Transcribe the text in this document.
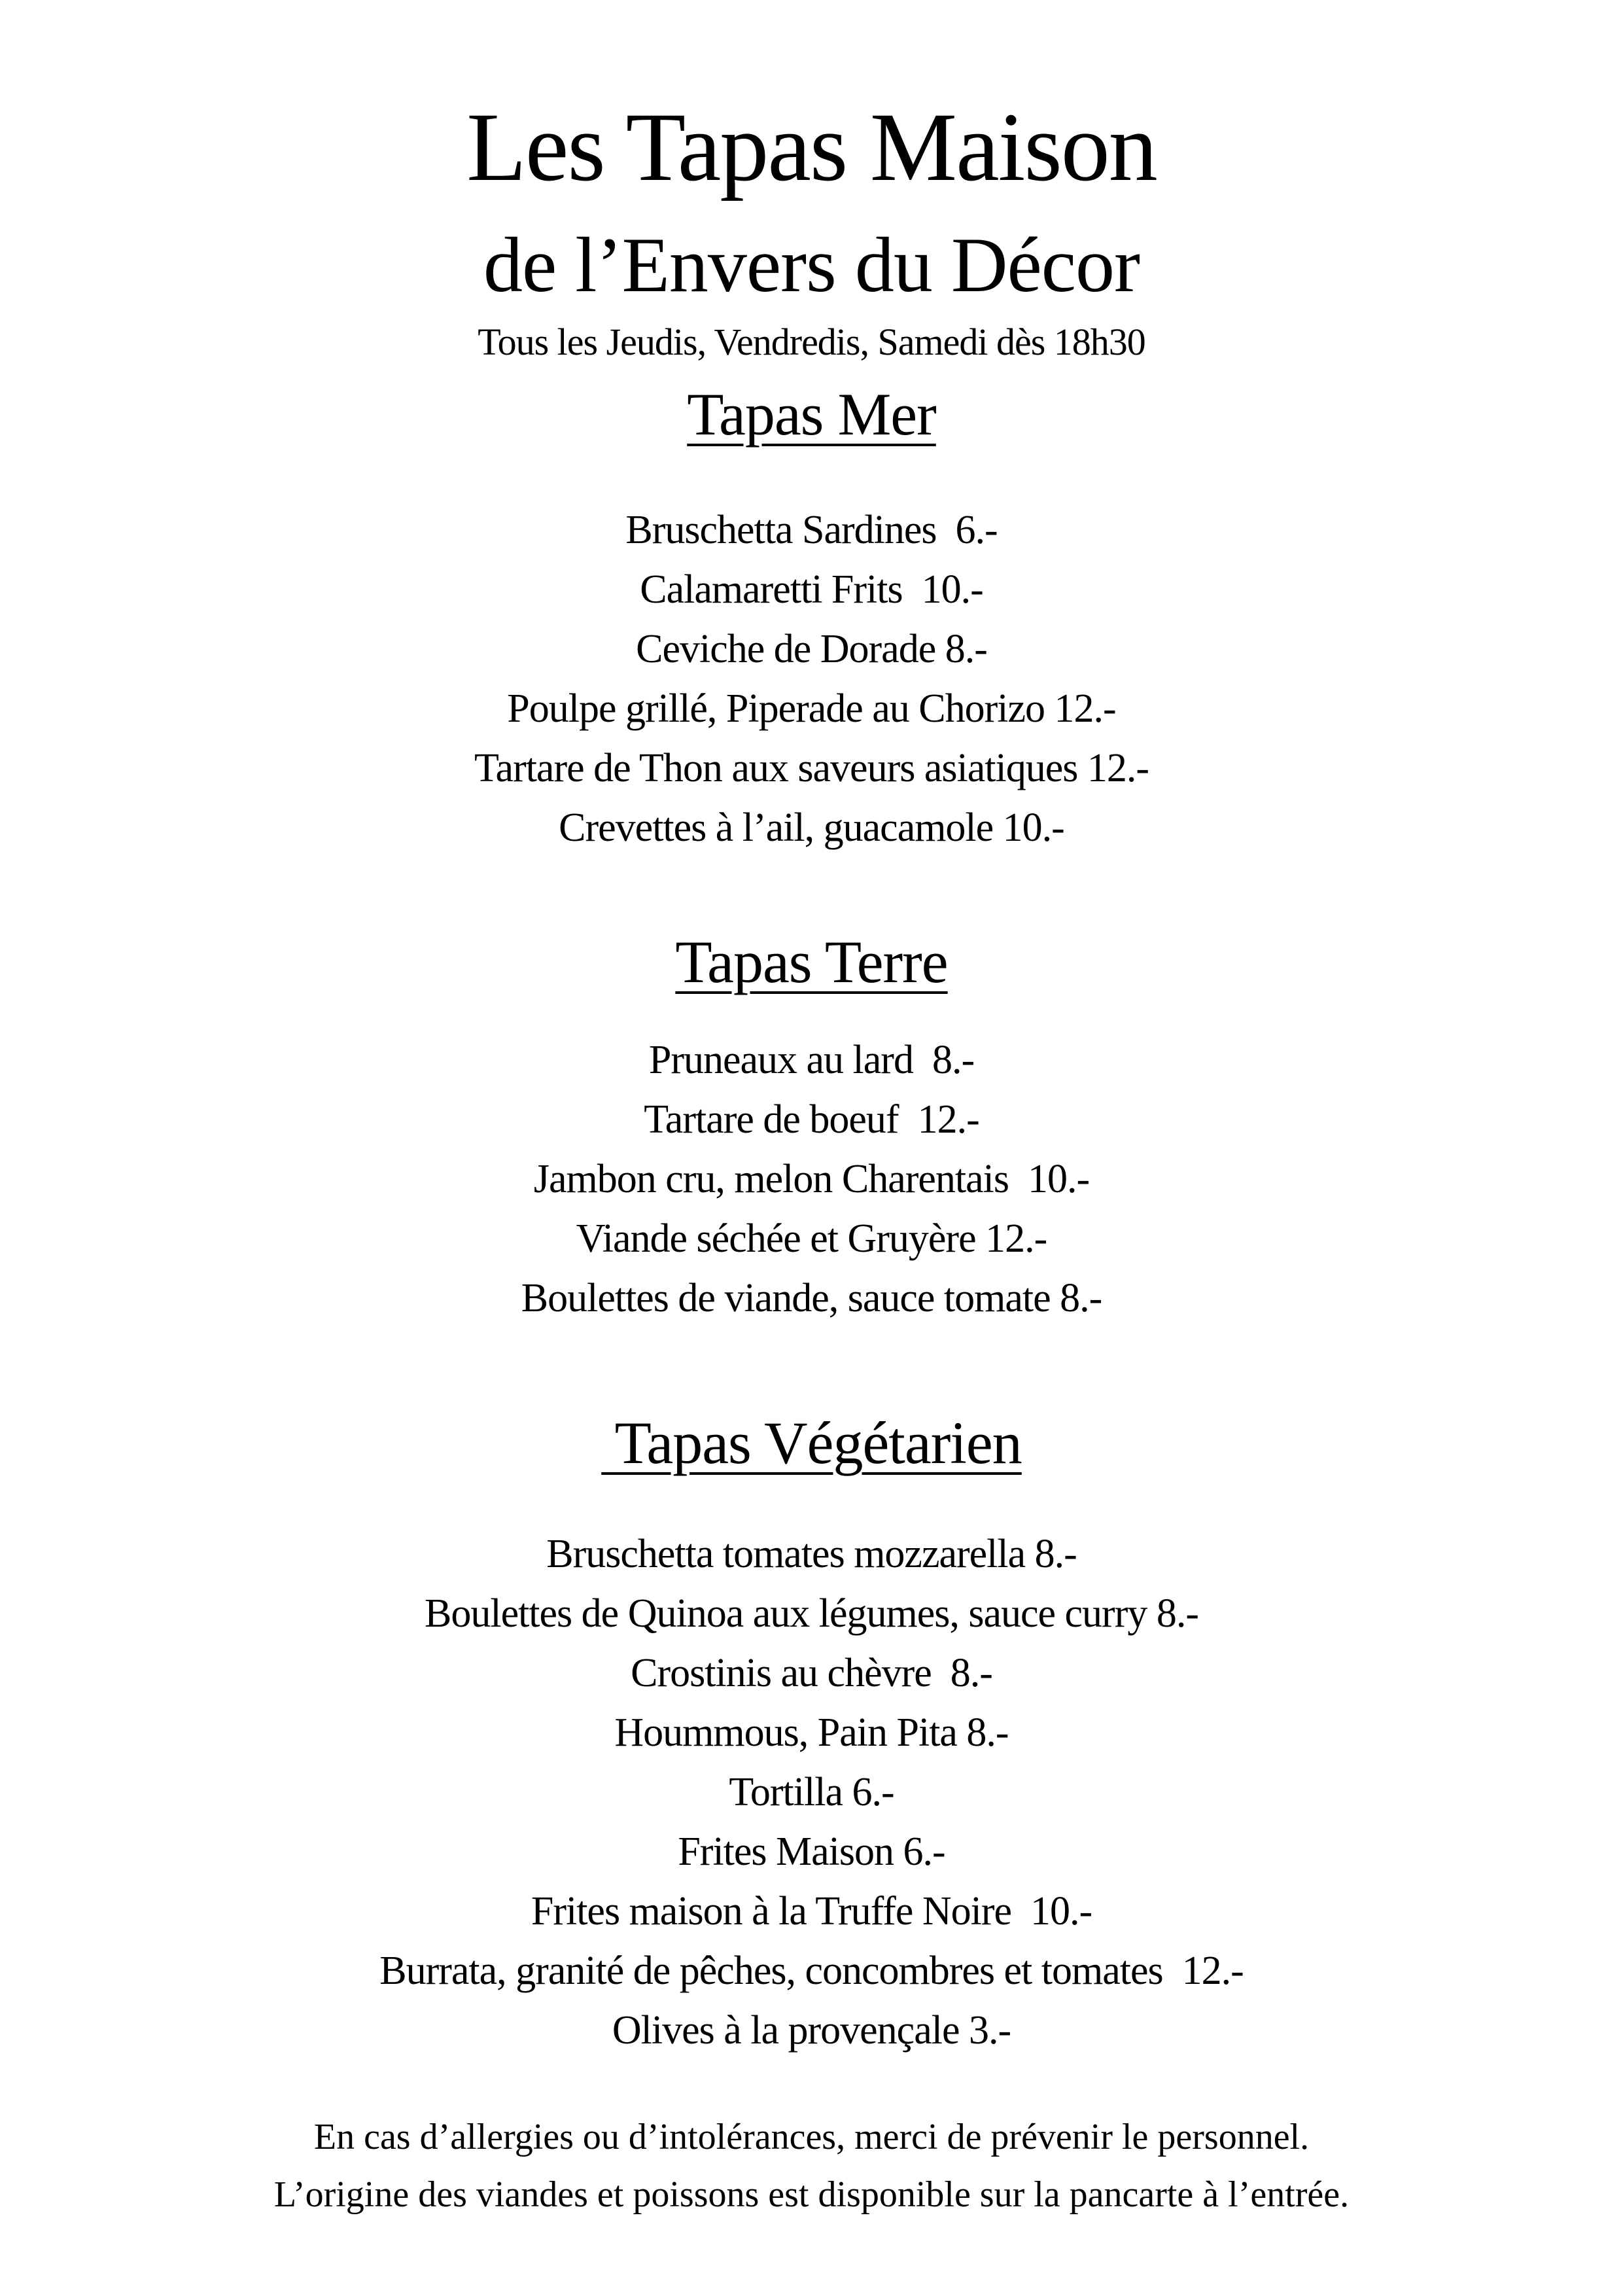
Les Tapas Maison
de l’Envers du Décor
Tous les Jeudis, Vendredis, Samedi dès 18h30
Tapas Mer
Bruschetta Sardines  6.-
Calamaretti Frits  10.-
Ceviche de Dorade 8.-
Poulpe grillé, Piperade au Chorizo 12.-
Tartare de Thon aux saveurs asiatiques 12.-
Crevettes à l’ail, guacamole 10.-
Tapas Terre
Pruneaux au lard  8.-
Tartare de boeuf  12.-
Jambon cru, melon Charentais  10.-
Viande séchée et Gruyère 12.-
Boulettes de viande, sauce tomate 8.-
Tapas Végétarien
Bruschetta tomates mozzarella 8.-
Boulettes de Quinoa aux légumes, sauce curry 8.-
Crostinis au chèvre  8.-
Hoummous, Pain Pita 8.-
Tortilla 6.-
Frites Maison 6.-
Frites maison à la Truffe Noire  10.-
Burrata, granité de pêches, concombres et tomates  12.-
Olives à la provençale 3.-

En cas d’allergies ou d’intolérances, merci de prévenir le personnel.

L’origine des viandes et poissons est disponible sur la pancarte à l’entrée.
